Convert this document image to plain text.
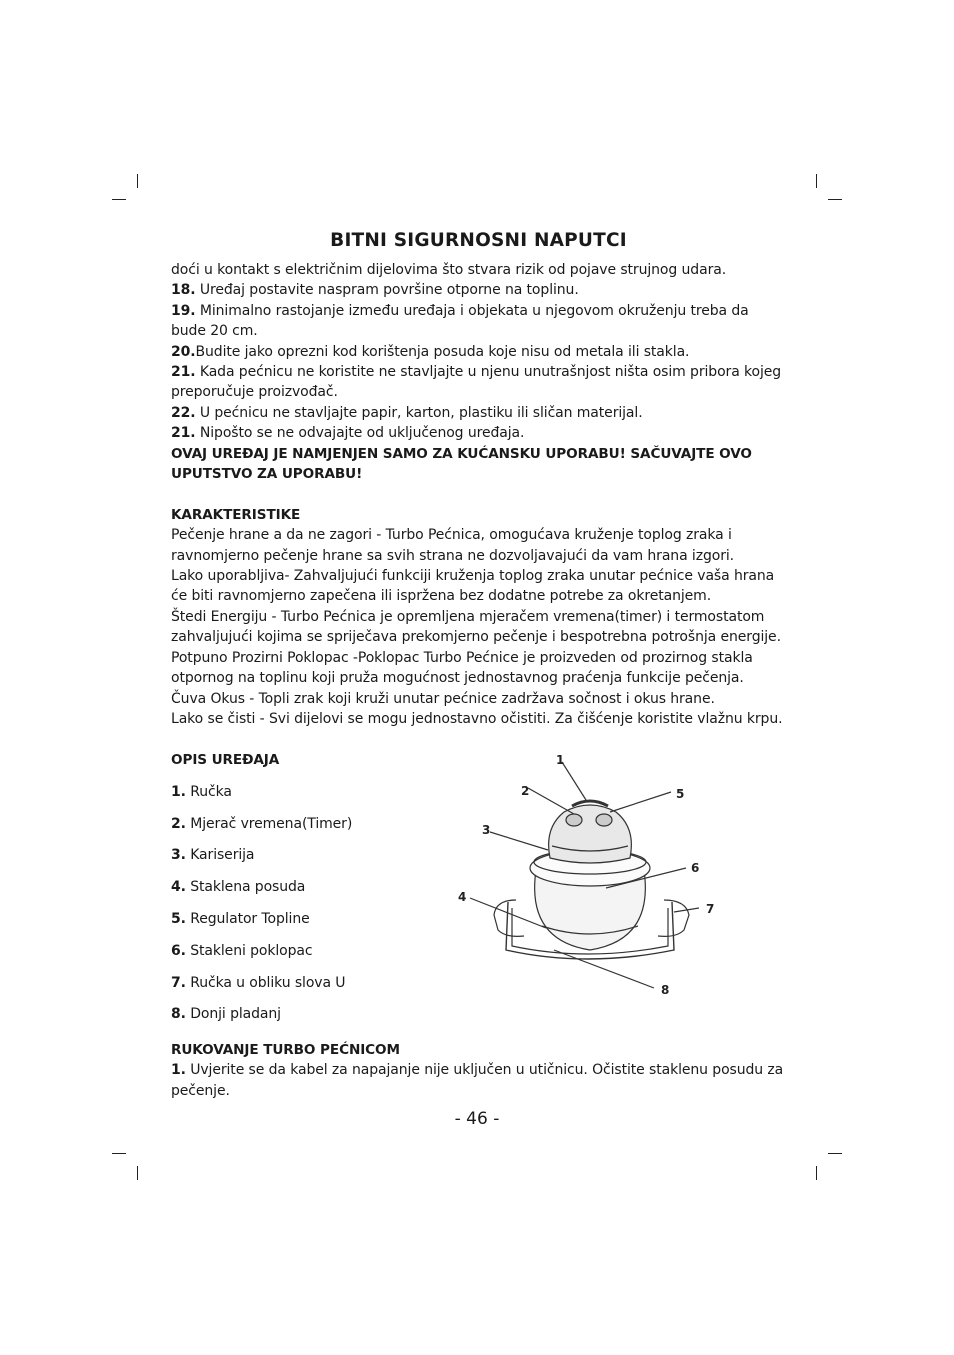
BITNI SIGURNOSNI NAPUTCI

doći u kontakt s električnim dijelovima što stvara rizik od pojave strujnog udara.

18. Uređaj postavite naspram površine otporne na toplinu.

19. Minimalno rastojanje između uređaja i objekata u njegovom okruženju treba da bude 20 cm.

20.Budite jako oprezni kod korištenja posuda koje nisu od metala ili stakla.

21. Kada pećnicu ne koristite ne stavljajte u njenu unutrašnjost ništa osim pribora kojeg preporučuje proizvođač.

22. U pećnicu ne stavljajte papir, karton, plastiku ili sličan materijal.

21. Nipošto se ne odvajajte od uključenog uređaja.

OVAJ UREĐAJ JE NAMJENJEN SAMO ZA KUĆANSKU UPORABU! SAČUVAJTE OVO UPUTSTVO ZA UPORABU!

KARAKTERISTIKE

Pečenje hrane a da ne zagori - Turbo Pećnica, omogućava kruženje toplog zraka i ravnomjerno pečenje hrane sa svih strana ne dozvoljavajući da vam hrana izgori.

Lako uporabljiva- Zahvaljujući funkciji kruženja toplog zraka unutar pećnice vaša hrana će biti ravnomjerno zapečena ili ispržena bez dodatne potrebe za okretanjem.

Štedi Energiju - Turbo Pećnica je opremljena mjeračem vremena(timer) i termostatom zahvaljujući kojima se spriječava prekomjerno pečenje i bespotrebna potrošnja energije.

Potpuno Prozirni Poklopac -Poklopac Turbo Pećnice je proizveden od prozirnog stakla otpornog na toplinu koji pruža mogućnost jednostavnog praćenja funkcije pečenja.

Čuva Okus - Topli zrak koji kruži unutar pećnice zadržava sočnost i okus hrane.

Lako se čisti - Svi dijelovi se mogu jednostavno očistiti. Za čišćenje koristite vlažnu krpu.

OPIS UREĐAJA

1. Ručka
2. Mjerač vremena(Timer)
3. Kariserija
4. Staklena posuda
5. Regulator Topline
6. Stakleni poklopac
7. Ručka u obliku slova U
8. Donji pladanj
1
2
3
4
5
6
7
8

RUKOVANJE TURBO PEĆNICOM

1. Uvjerite se da kabel za napajanje nije uključen u utičnicu. Očistite staklenu posudu za pečenje.

- 46 -
